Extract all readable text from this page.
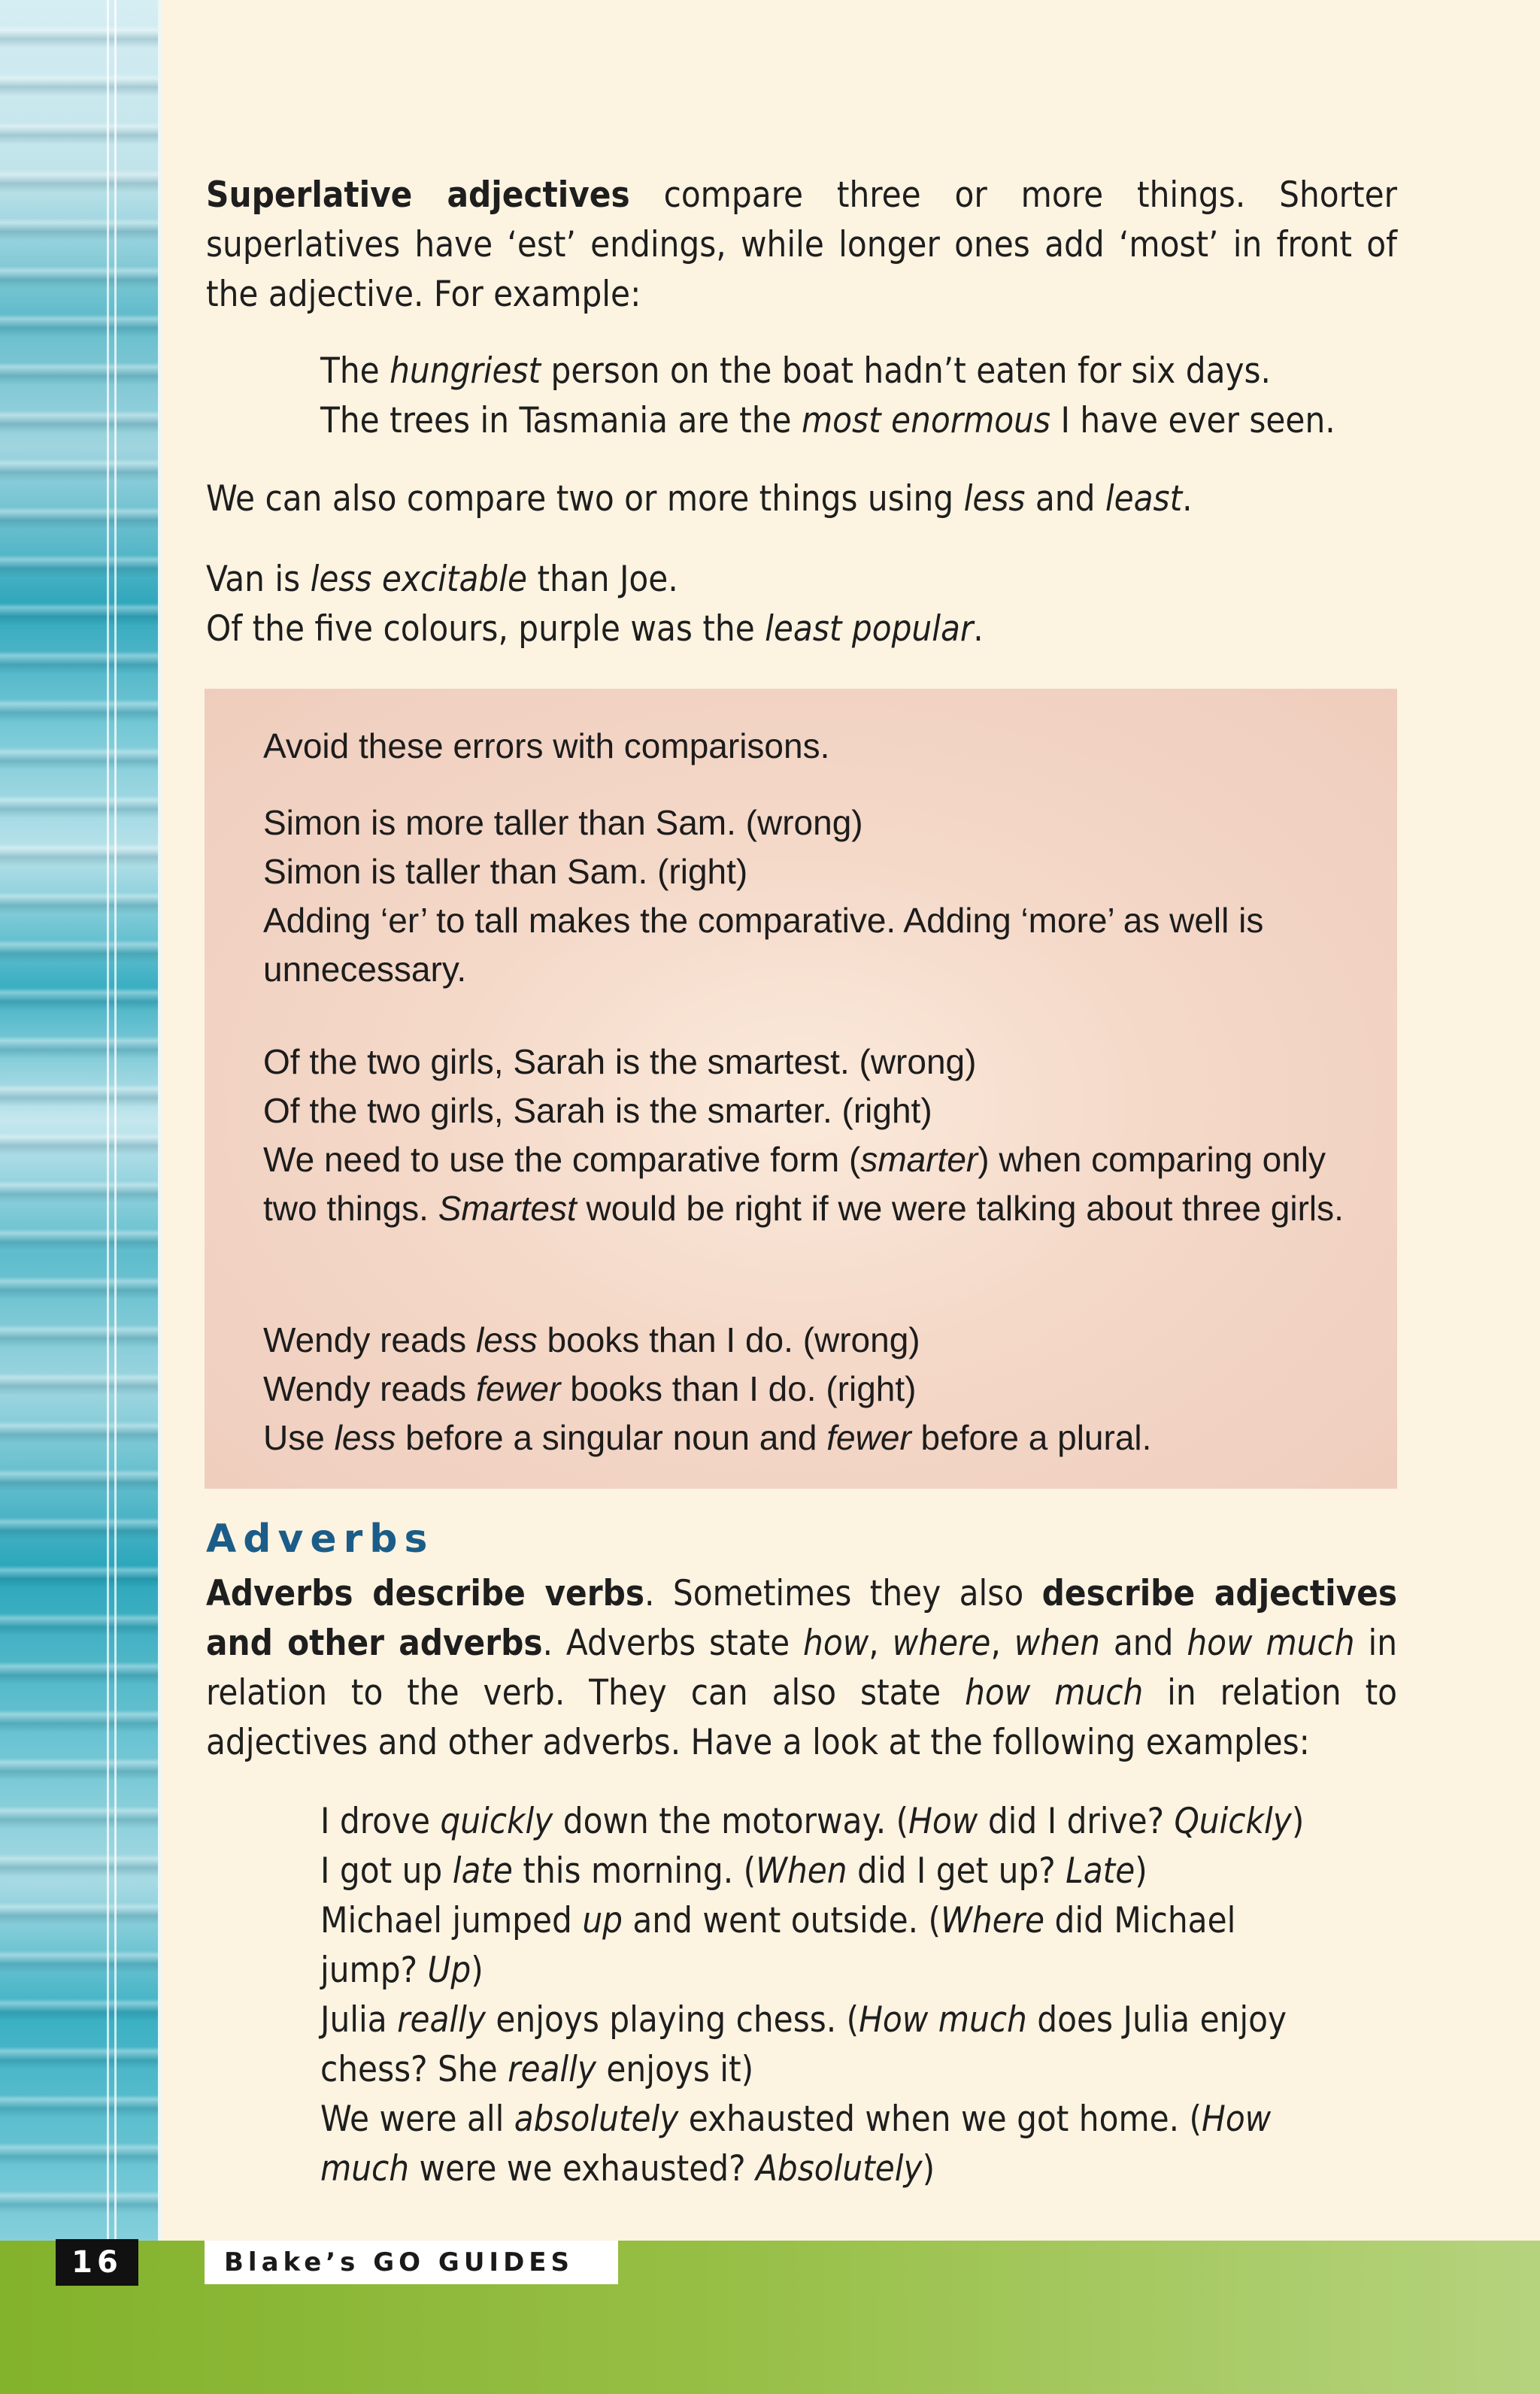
Superlative adjectives compare three or more things. Shorter superlatives have ‘est’ endings, while longer ones add ‘most’ in front of the adjective. For example:

The hungriest person on the boat hadn’t eaten for six days.

The trees in Tasmania are the most enormous I have ever seen.

We can also compare two or more things using less and least.

Van is less excitable than Joe.

Of the five colours, purple was the least popular.

Avoid these errors with comparisons.

Simon is more taller than Sam. (wrong)

Simon is taller than Sam. (right)

Adding ‘er’ to tall makes the comparative. Adding ‘more’ as well is unnecessary.

Of the two girls, Sarah is the smartest. (wrong)

Of the two girls, Sarah is the smarter. (right)

We need to use the comparative form (smarter) when comparing only two things. Smartest would be right if we were talking about three girls.

Wendy reads less books than I do. (wrong)

Wendy reads fewer books than I do. (right)

Use less before a singular noun and fewer before a plural.

Adverbs

Adverbs describe verbs. Sometimes they also describe adjectives and other adverbs. Adverbs state how, where, when and how much in relation to the verb. They can also state how much in relation to adjectives and other adverbs. Have a look at the following examples:

I drove quickly down the motorway. (How did I drive? Quickly)

I got up late this morning. (When did I get up? Late)

Michael jumped up and went outside. (Where did Michael jump? Up)

Julia really enjoys playing chess. (How much does Julia enjoy chess? She really enjoys it)

We were all absolutely exhausted when we got home. (How much were we exhausted? Absolutely)

16	Blake’s GO GUIDES
